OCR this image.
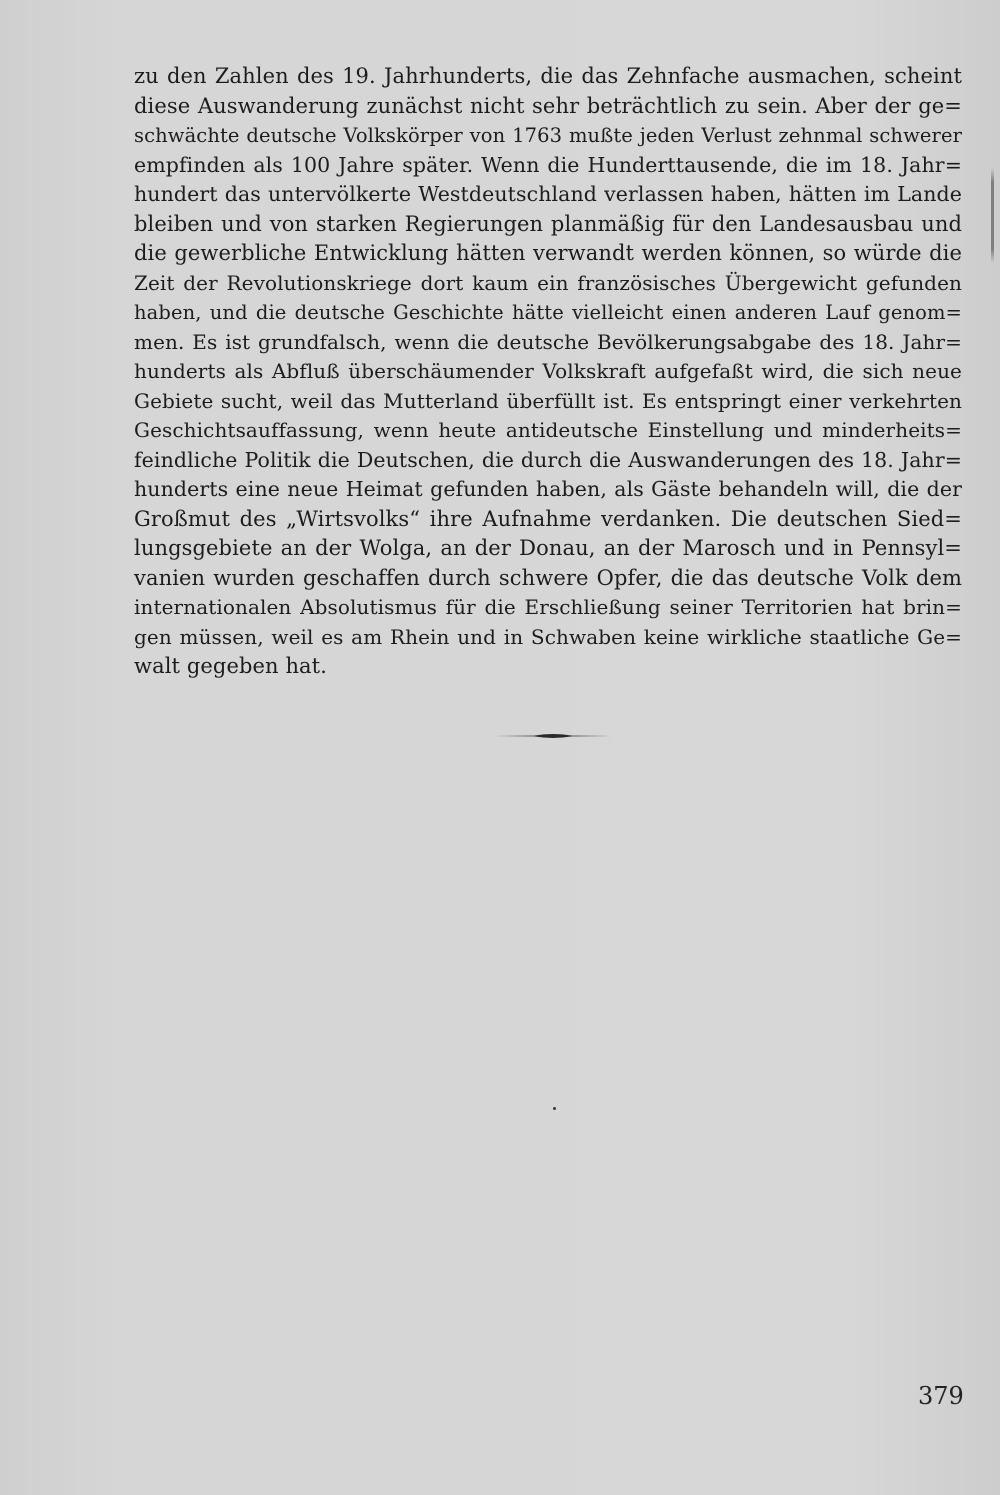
zu den Zahlen des 19. Jahrhunderts, die das Zehnfache ausmachen, scheint
diese Auswanderung zunächst nicht sehr beträchtlich zu sein. Aber der ge=
schwächte deutsche Volkskörper von 1763 mußte jeden Verlust zehnmal schwerer
empfinden als 100 Jahre später. Wenn die Hunderttausende, die im 18. Jahr=
hundert das untervölkerte Westdeutschland verlassen haben, hätten im Lande
bleiben und von starken Regierungen planmäßig für den Landesausbau und
die gewerbliche Entwicklung hätten verwandt werden können, so würde die
Zeit der Revolutionskriege dort kaum ein französisches Übergewicht gefunden
haben, und die deutsche Geschichte hätte vielleicht einen anderen Lauf genom=
men. Es ist grundfalsch, wenn die deutsche Bevölkerungsabgabe des 18. Jahr=
hunderts als Abfluß überschäumender Volkskraft aufgefaßt wird, die sich neue
Gebiete sucht, weil das Mutterland überfüllt ist. Es entspringt einer verkehrten
Geschichtsauffassung, wenn heute antideutsche Einstellung und minderheits=
feindliche Politik die Deutschen, die durch die Auswanderungen des 18. Jahr=
hunderts eine neue Heimat gefunden haben, als Gäste behandeln will, die der
Großmut des „Wirtsvolks“ ihre Aufnahme verdanken. Die deutschen Sied=
lungsgebiete an der Wolga, an der Donau, an der Marosch und in Pennsyl=
vanien wurden geschaffen durch schwere Opfer, die das deutsche Volk dem
internationalen Absolutismus für die Erschließung seiner Territorien hat brin=
gen müssen, weil es am Rhein und in Schwaben keine wirkliche staatliche Ge=
walt gegeben hat.
379
